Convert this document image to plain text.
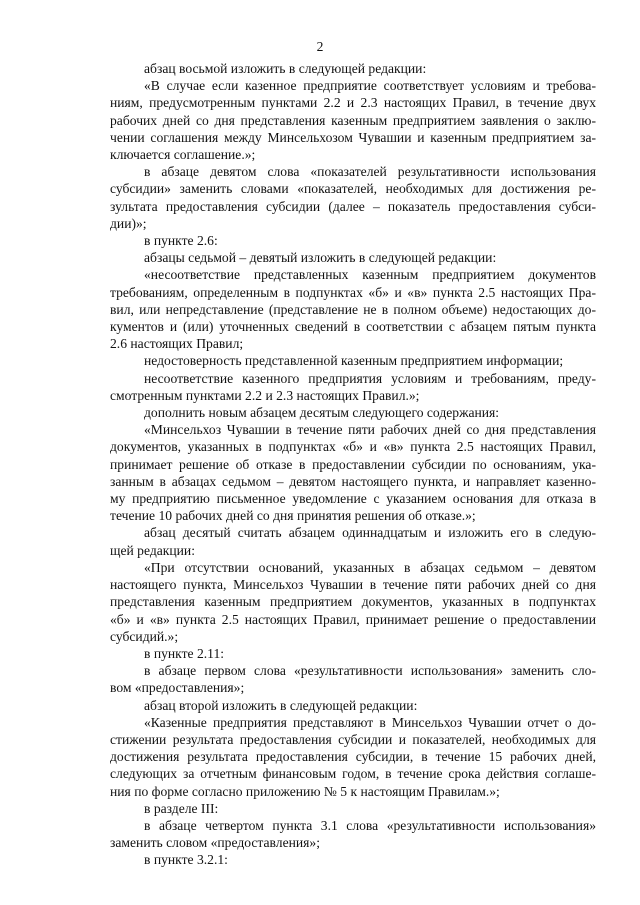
2
абзац восьмой изложить в следующей редакции:
«В случае если казенное предприятие соответствует условиям и требова-
ниям, предусмотренным пунктами 2.2 и 2.3 настоящих Правил, в течение двух
рабочих дней со дня представления казенным предприятием заявления о заклю-
чении соглашения между Минсельхозом Чувашии и казенным предприятием за-
ключается соглашение.»;
в абзаце девятом слова «показателей результативности использования
субсидии» заменить словами «показателей, необходимых для достижения ре-
зультата предоставления субсидии (далее – показатель предоставления субси-
дии)»;
в пункте 2.6:
абзацы седьмой – девятый изложить в следующей редакции:
«несоответствие представленных казенным предприятием документов
требованиям, определенным в подпунктах «б» и «в» пункта 2.5 настоящих Пра-
вил, или непредставление (представление не в полном объеме) недостающих до-
кументов и (или) уточненных сведений в соответствии с абзацем пятым пункта
2.6 настоящих Правил;
недостоверность представленной казенным предприятием информации;
несоответствие казенного предприятия условиям и требованиям, преду-
смотренным пунктами 2.2 и 2.3 настоящих Правил.»;
дополнить новым абзацем десятым следующего содержания:
«Минсельхоз Чувашии в течение пяти рабочих дней со дня представления
документов, указанных в подпунктах «б» и «в» пункта 2.5 настоящих Правил,
принимает решение об отказе в предоставлении субсидии по основаниям, ука-
занным в абзацах седьмом – девятом настоящего пункта, и направляет казенно-
му предприятию письменное уведомление с указанием основания для отказа в
течение 10 рабочих дней со дня принятия решения об отказе.»;
абзац десятый считать абзацем одиннадцатым и изложить его в следую-
щей редакции:
«При отсутствии оснований, указанных в абзацах седьмом – девятом
настоящего пункта, Минсельхоз Чувашии в течение пяти рабочих дней со дня
представления казенным предприятием документов, указанных в подпунктах
«б» и «в» пункта 2.5 настоящих Правил, принимает решение о предоставлении
субсидий.»;
в пункте 2.11:
в абзаце первом слова «результативности использования» заменить сло-
вом «предоставления»;
абзац второй изложить в следующей редакции:
«Казенные предприятия представляют в Минсельхоз Чувашии отчет о до-
стижении результата предоставления субсидии и показателей, необходимых для
достижения результата предоставления субсидии, в течение 15 рабочих дней,
следующих за отчетным финансовым годом, в течение срока действия соглаше-
ния по форме согласно приложению № 5 к настоящим Правилам.»;
в разделе III:
в абзаце четвертом пункта 3.1 слова «результативности использования»
заменить словом «предоставления»;
в пункте 3.2.1:
